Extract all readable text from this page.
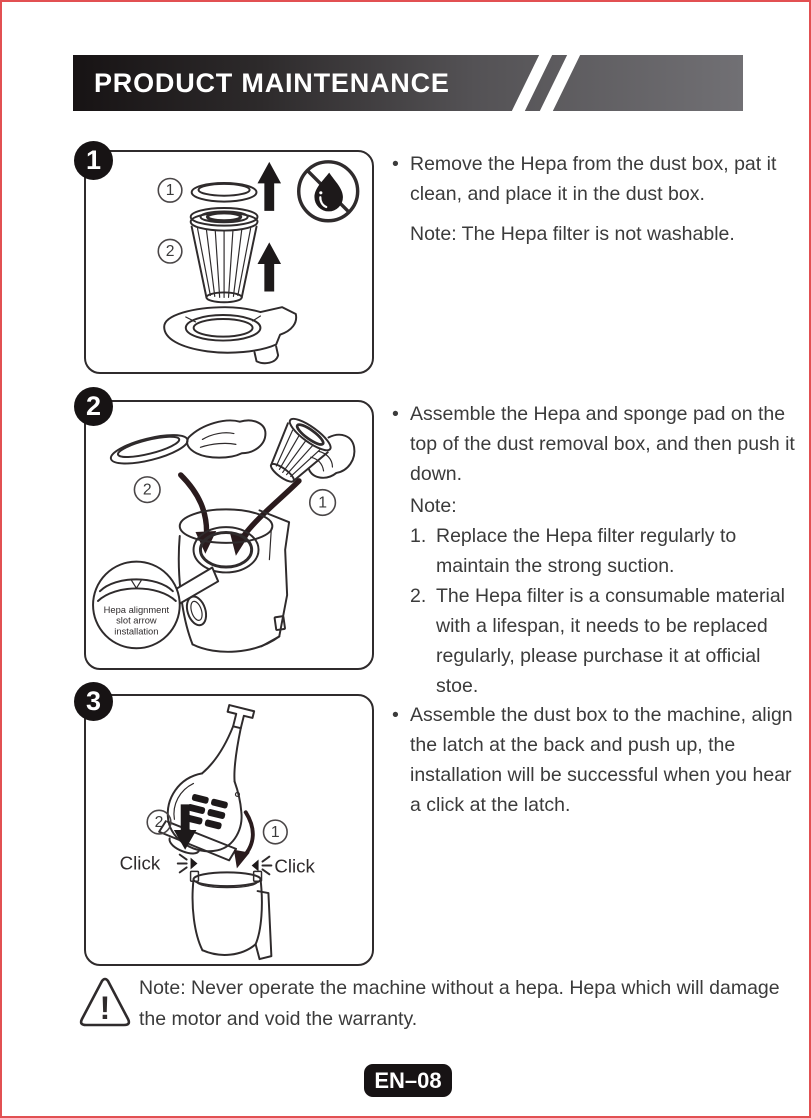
PRODUCT MAINTENANCE
1
2
3
1
2
2
1
Hepa alignment
slot arrow
installation
2
Click
1
Click
• Remove the Hepa from the dust box, pat it clean, and place it in the dust box.
Note: The Hepa filter is not washable.
• Assemble the Hepa and sponge pad on the top of the dust removal box, and then push it down.
Note:
1. Replace the Hepa filter regularly to maintain the strong suction.
2. The Hepa filter is a consumable material with a lifespan, it needs to be replaced regularly, please purchase it at official stoe.
• Assemble the dust box to the machine, align the latch at the back and push up, the installation will be successful when you hear a click at the latch.
!
Note: Never operate the machine without a hepa. Hepa which will damage the motor and void the warranty.
EN–08
